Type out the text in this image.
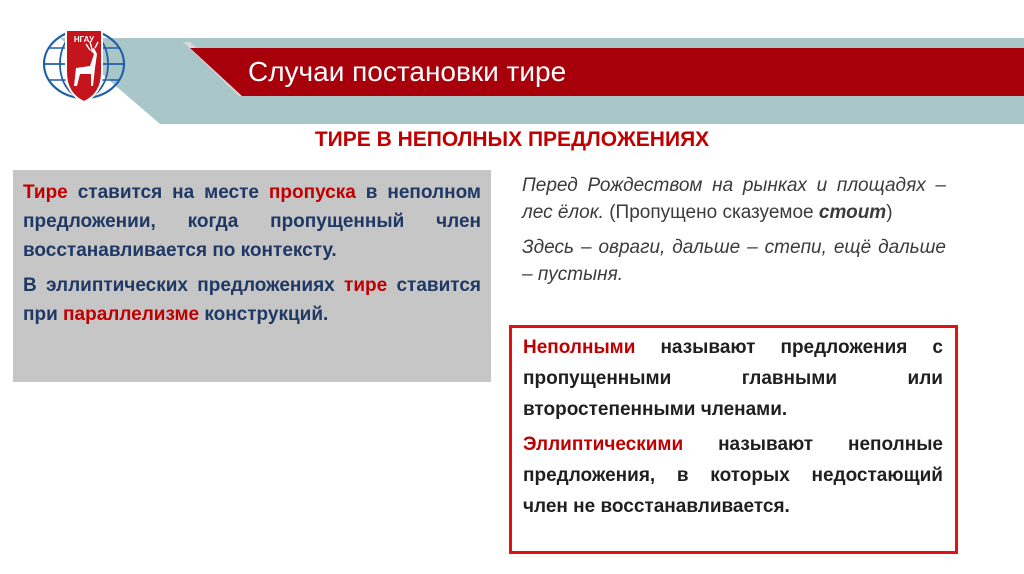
НГАУ
Случаи постановки тире
ТИРЕ В НЕПОЛНЫХ ПРЕДЛОЖЕНИЯХ

Тире ставится на месте пропуска в неполном предложении, когда пропущенный член восстанавливается по контексту.

В эллиптических предложениях тире ставится при параллелизме конструкций.

Перед Рождеством на рынках и площадях – лес ёлок. (Пропущено сказуемое стоит)

Здесь – овраги, дальше – степи, ещё дальше – пустыня.

Неполными называют предложения с пропущенными главными или второстепенными членами.

Эллиптическими называют неполные предложения, в которых недостающий член не восстанавливается.
